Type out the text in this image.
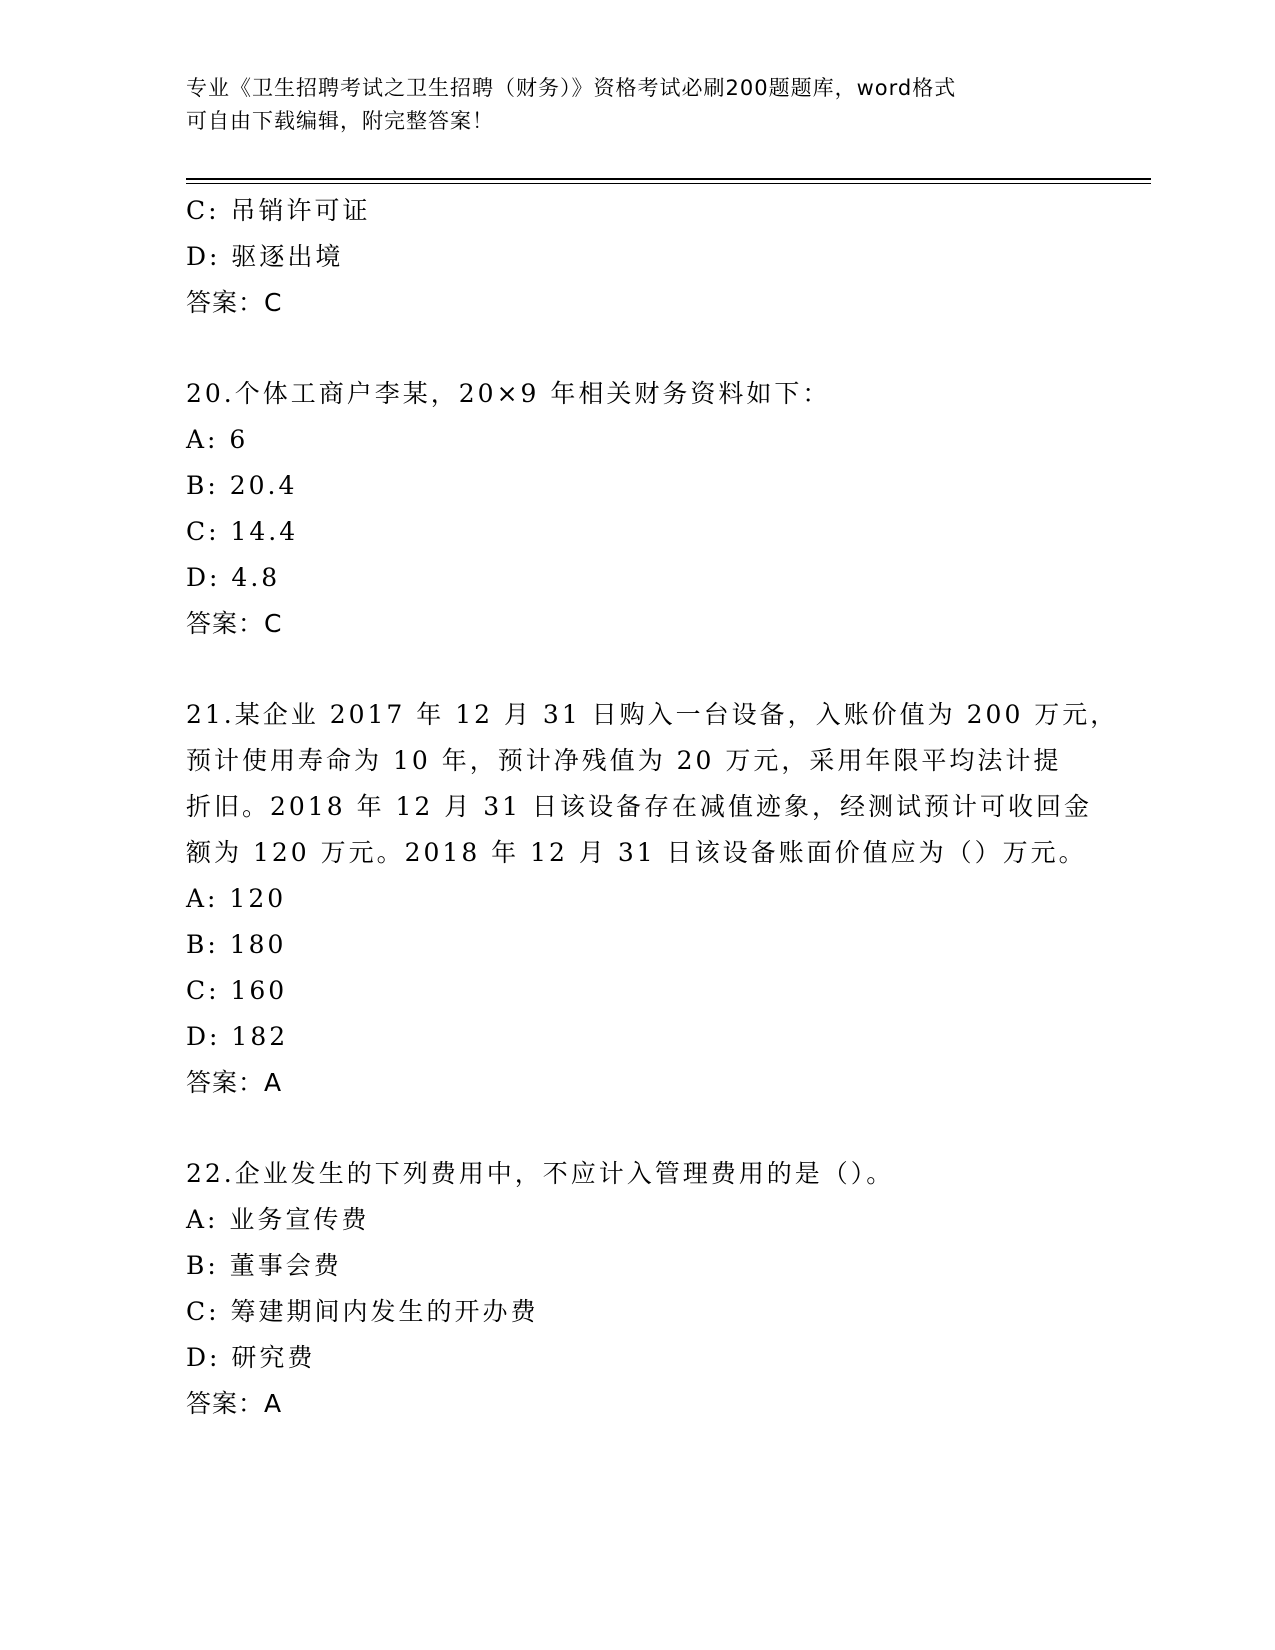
专业《卫生招聘考试之卫生招聘（财务）》资格考试必刷200题题库，word格式
可自由下载编辑，附完整答案！
C: 吊销许可证
D: 驱逐出境
答案：C
20.个体工商户李某，20×9 年相关财务资料如下：
A: 6
B: 20.4
C: 14.4
D: 4.8
答案：C
21.某企业 2017 年 12 月 31 日购入一台设备，入账价值为 200 万元，
预计使用寿命为 10 年，预计净残值为 20 万元，采用年限平均法计提
折旧。2018 年 12 月 31 日该设备存在减值迹象，经测试预计可收回金
额为 120 万元。2018 年 12 月 31 日该设备账面价值应为（）万元。
A: 120
B: 180
C: 160
D: 182
答案：A
22.企业发生的下列费用中，不应计入管理费用的是（）。
A: 业务宣传费
B: 董事会费
C: 筹建期间内发生的开办费
D: 研究费
答案：A
